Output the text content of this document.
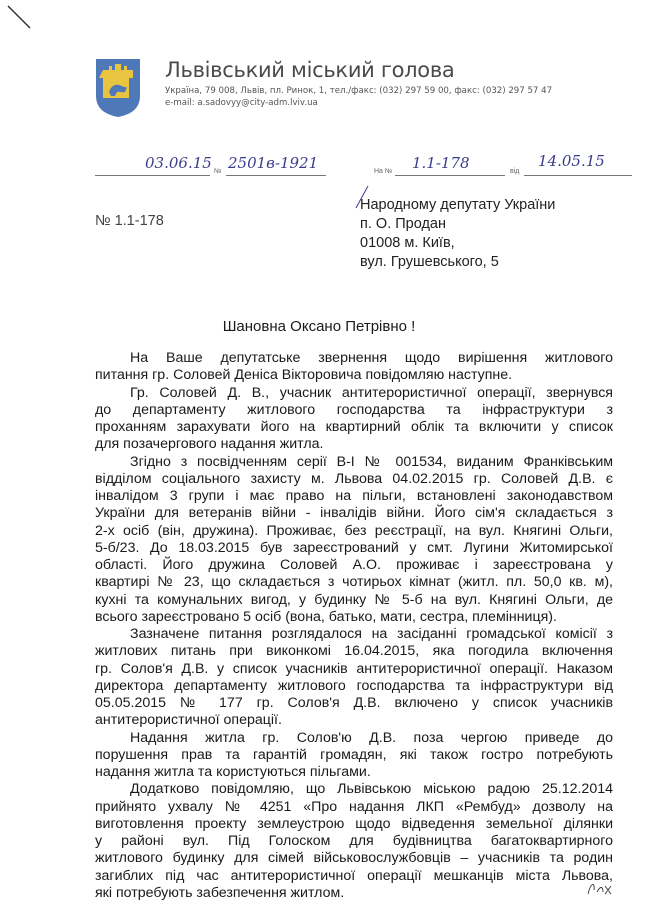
Львівський міський голова
Україна, 79 008, Львів, пл. Ринок, 1, тел./факс: (032) 297 59 00, факс: (032) 297 57 47
e-mail: a.sadovyy@city-adm.lviv.ua
03.06.15 № 2501в-1921	На № 1.1-178	від
14.05.15
№ 1.1-178
Народному депутату України
п. О. Продан
01008 м. Київ,
вул. Грушевського, 5
Шановна Оксано Петрівно !
На Ваше депутатське звернення щодо вирішення житлового
питання гр. Соловей Деніса Вікторовича повідомляю наступне.
Гр. Соловей Д. В., учасник антитерористичної операції, звернувся
до департаменту житлового господарства та інфраструктури з
проханням зарахувати його на квартирний облік та включити у список
для позачергового надання житла.
Згідно з посвідченням серії В-І № 001534, виданим Франківським
відділом соціального захисту м. Львова 04.02.2015 гр. Соловей Д.В. є
інвалідом 3 групи і має право на пільги, встановлені законодавством
України для ветеранів війни - інвалідів війни. Його сім'я складається з
2-х осіб (він, дружина). Проживає, без реєстрації, на вул. Княгині Ольги,
5-б/23. До 18.03.2015 був зареєстрований у смт. Лугини Житомирської
області. Його дружина Соловей А.О. проживає і зареєстрована у
квартирі № 23, що складається з чотирьох кімнат (житл. пл. 50,0 кв. м),
кухні та комунальних вигод, у будинку № 5-б на вул. Княгині Ольги, де
всього зареєстровано 5 осіб (вона, батько, мати, сестра, племінниця).
Зазначене питання розглядалося на засіданні громадської комісії з
житлових питань при виконкомі 16.04.2015, яка погодила включення
гр. Солов'я Д.В. у список учасників антитерористичної операції. Наказом
директора департаменту житлового господарства та інфраструктури від
05.05.2015 № 177 гр. Солов'я Д.В. включено у список учасників
антитерористичної операції.
Надання житла гр. Солов'ю Д.В. поза чергою приведе до
порушення прав та гарантій громадян, які також гостро потребують
надання житла та користуються пільгами.
Додатково повідомляю, що Львівською міською радою 25.12.2014
прийнято ухвалу № 4251 «Про надання ЛКП «Рембуд» дозволу на
виготовлення проекту землеустрою щодо відведення земельної ділянки
у районі вул. Під Голоском для будівництва багатоквартирного
житлового будинку для сімей військовослужбовців – учасників та родин
загиблих під час антитерористичної операції мешканців міста Львова,
які потребують забезпечення житлом.
